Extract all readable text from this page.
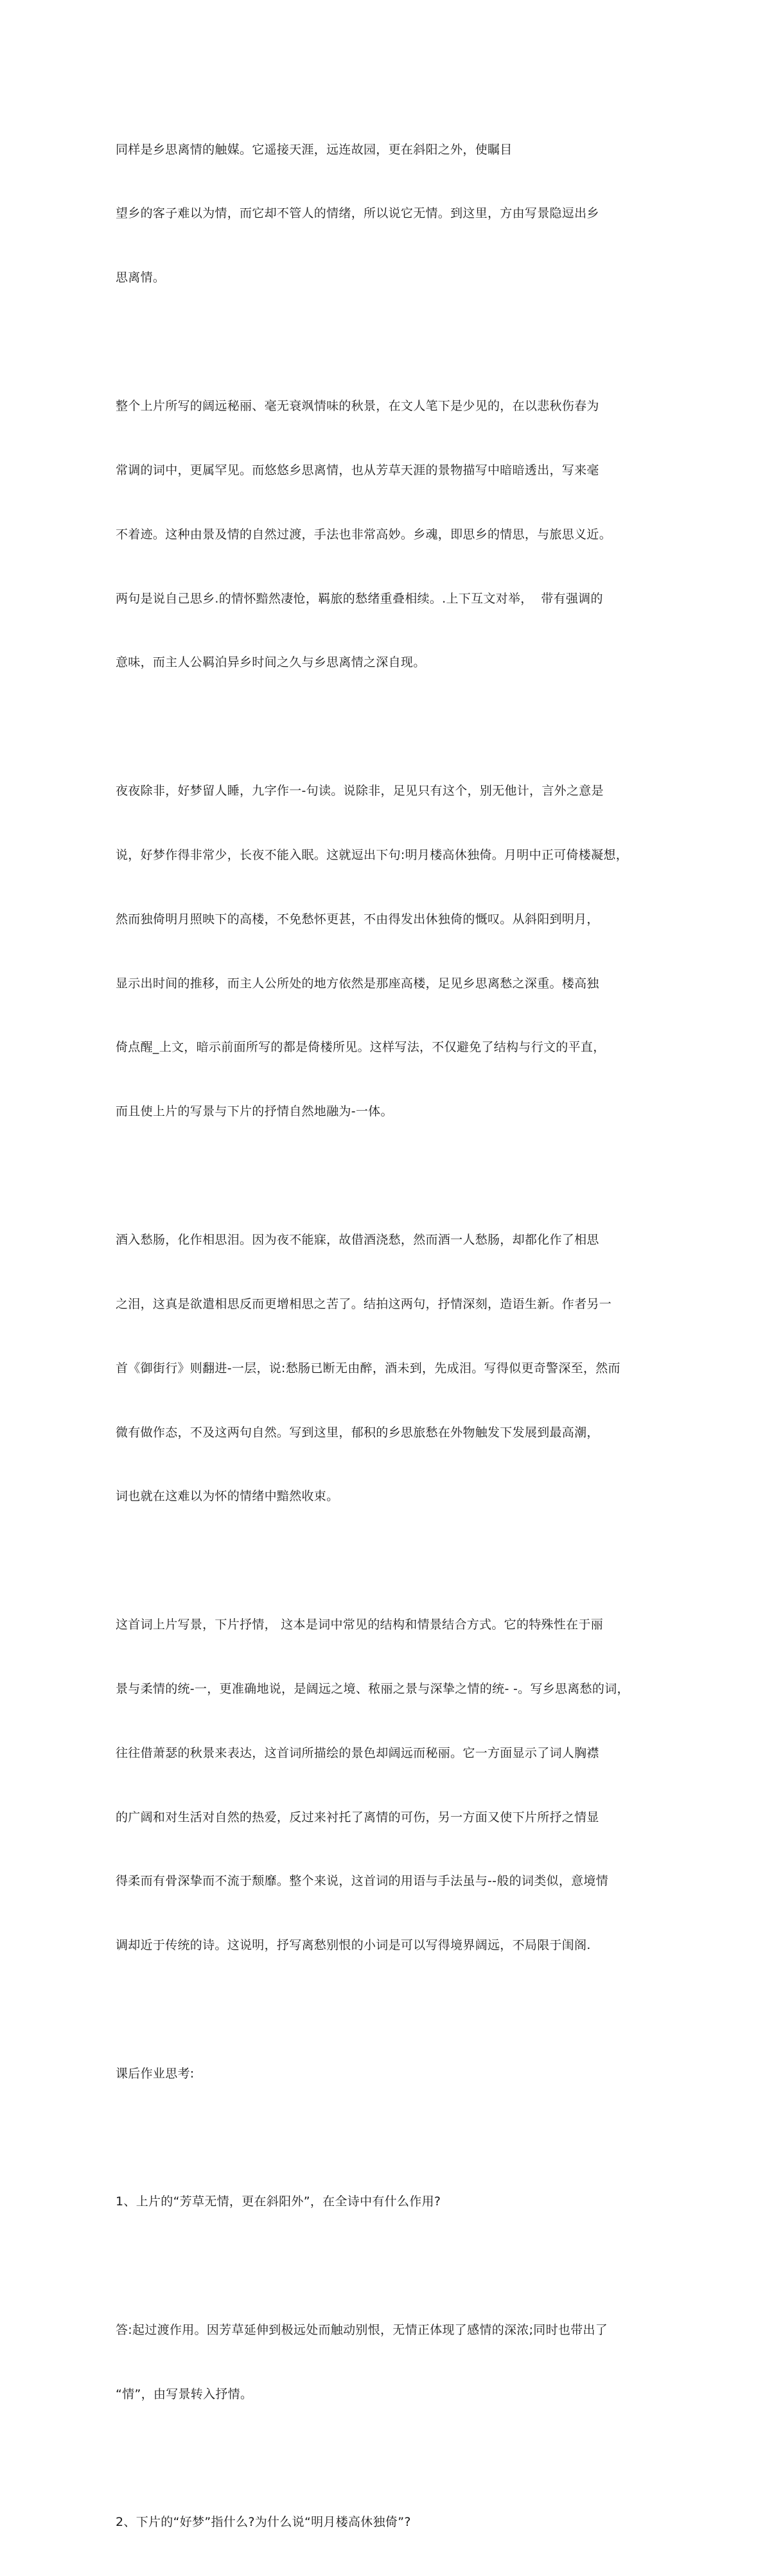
同样是乡思离情的触媒。它遥接天涯，远连故园，更在斜阳之外，使瞩目

望乡的客子难以为情，而它却不管人的情绪，所以说它无情。到这里，方由写景隐逗出乡

思离情。

整个上片所写的阔远秘丽、毫无衰飒情味的秋景，在文人笔下是少见的，在以悲秋伤春为

常调的词中，更属罕见。而悠悠乡思离情，也从芳草天涯的景物描写中暗暗透出，写来毫

不着迹。这种由景及情的自然过渡，手法也非常高妙。乡魂，即思乡的情思，与旅思义近。

两句是说自己思乡.的情怀黯然凄怆，羁旅的愁绪重叠相续。.上下互文对举，  带有强调的

意味，而主人公羁泊异乡时间之久与乡思离情之深自现。

夜夜除非，好梦留人睡，九字作一-句读。说除非，足见只有这个，别无他计，言外之意是

说，好梦作得非常少，长夜不能入眠。这就逗出下句:明月楼高休独倚。月明中正可倚楼凝想，

然而独倚明月照映下的高楼，不免愁怀更甚，不由得发出休独倚的慨叹。从斜阳到明月，

显示出时间的推移，而主人公所处的地方依然是那座高楼，足见乡思离愁之深重。楼高独

倚点醒_上文，暗示前面所写的都是倚楼所见。这样写法，不仅避免了结构与行文的平直，

而且使上片的写景与下片的抒情自然地融为-一体。

酒入愁肠，化作相思泪。因为夜不能寐，故借酒浇愁，然而酒一人愁肠，却都化作了相思

之泪，这真是欲遣相思反而更增相思之苦了。结拍这两句，抒情深刻，造语生新。作者另一

首《御街行》则翻进-一层，说:愁肠已断无由醉，酒未到，先成泪。写得似更奇警深至，然而

微有做作态，不及这两句自然。写到这里，郁积的乡思旅愁在外物触发下发展到最高潮，

词也就在这难以为怀的情绪中黯然收束。

这首词上片写景，下片抒情， 这本是词中常见的结构和情景结合方式。它的特殊性在于丽

景与柔情的统-一，更准确地说，是阔远之境、秾丽之景与深挚之情的统- -。写乡思离愁的词，

往往借萧瑟的秋景来表达，这首词所描绘的景色却阔远而秘丽。它一方面显示了词人胸襟

的广阔和对生活对自然的热爱，反过来衬托了离情的可伤，另一方面又使下片所抒之情显

得柔而有骨深挚而不流于颓靡。整个来说，这首词的用语与手法虽与--般的词类似，意境情

调却近于传统的诗。这说明，抒写离愁别恨的小词是可以写得境界阔远，不局限于闺阁.

课后作业思考:

1、上片的“芳草无情，更在斜阳外”，在全诗中有什么作用?

答:起过渡作用。因芳草延伸到极远处而触动别恨，无情正体现了感情的深浓;同时也带出了

“情”，由写景转入抒情。

2、下片的“好梦”指什么?为什么说“明月楼高休独倚”?
